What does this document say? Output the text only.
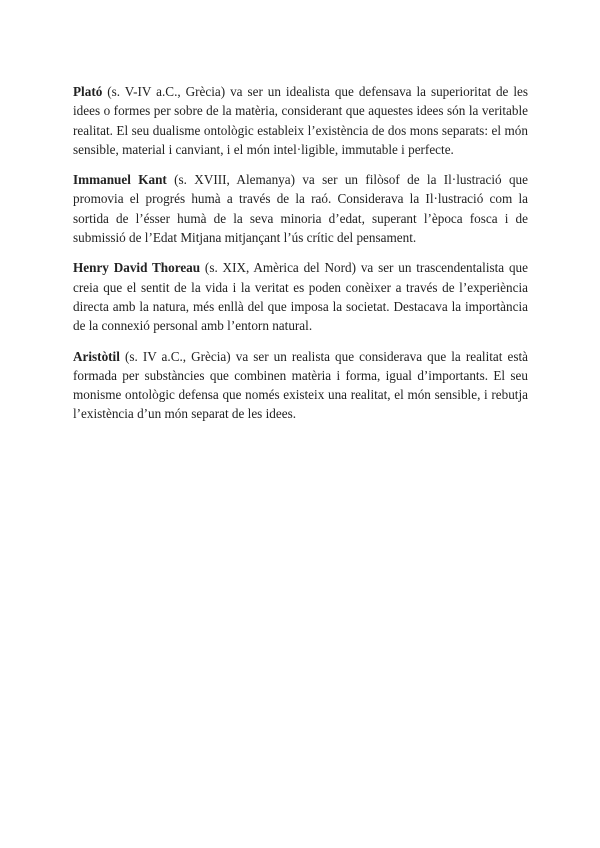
Plató (s. V-IV a.C., Grècia) va ser un idealista que defensava la superioritat de les idees o formes per sobre de la matèria, considerant que aquestes idees són la veritable realitat. El seu dualisme ontològic estableix l’existència de dos mons separats: el món sensible, material i canviant, i el món intel·ligible, immutable i perfecte.

Immanuel Kant (s. XVIII, Alemanya) va ser un filòsof de la Il·lustració que promovia el progrés humà a través de la raó. Considerava la Il·lustració com la sortida de l’ésser humà de la seva minoria d’edat, superant l’època fosca i de submissió de l’Edat Mitjana mitjançant l’ús crític del pensament.

Henry David Thoreau (s. XIX, Amèrica del Nord) va ser un trascendentalista que creia que el sentit de la vida i la veritat es poden conèixer a través de l’experiència directa amb la natura, més enllà del que imposa la societat. Destacava la importància de la connexió personal amb l’entorn natural.

Aristòtil (s. IV a.C., Grècia) va ser un realista que considerava que la realitat està formada per substàncies que combinen matèria i forma, igual d’importants. El seu monisme ontològic defensa que només existeix una realitat, el món sensible, i rebutja l’existència d’un món separat de les idees.
